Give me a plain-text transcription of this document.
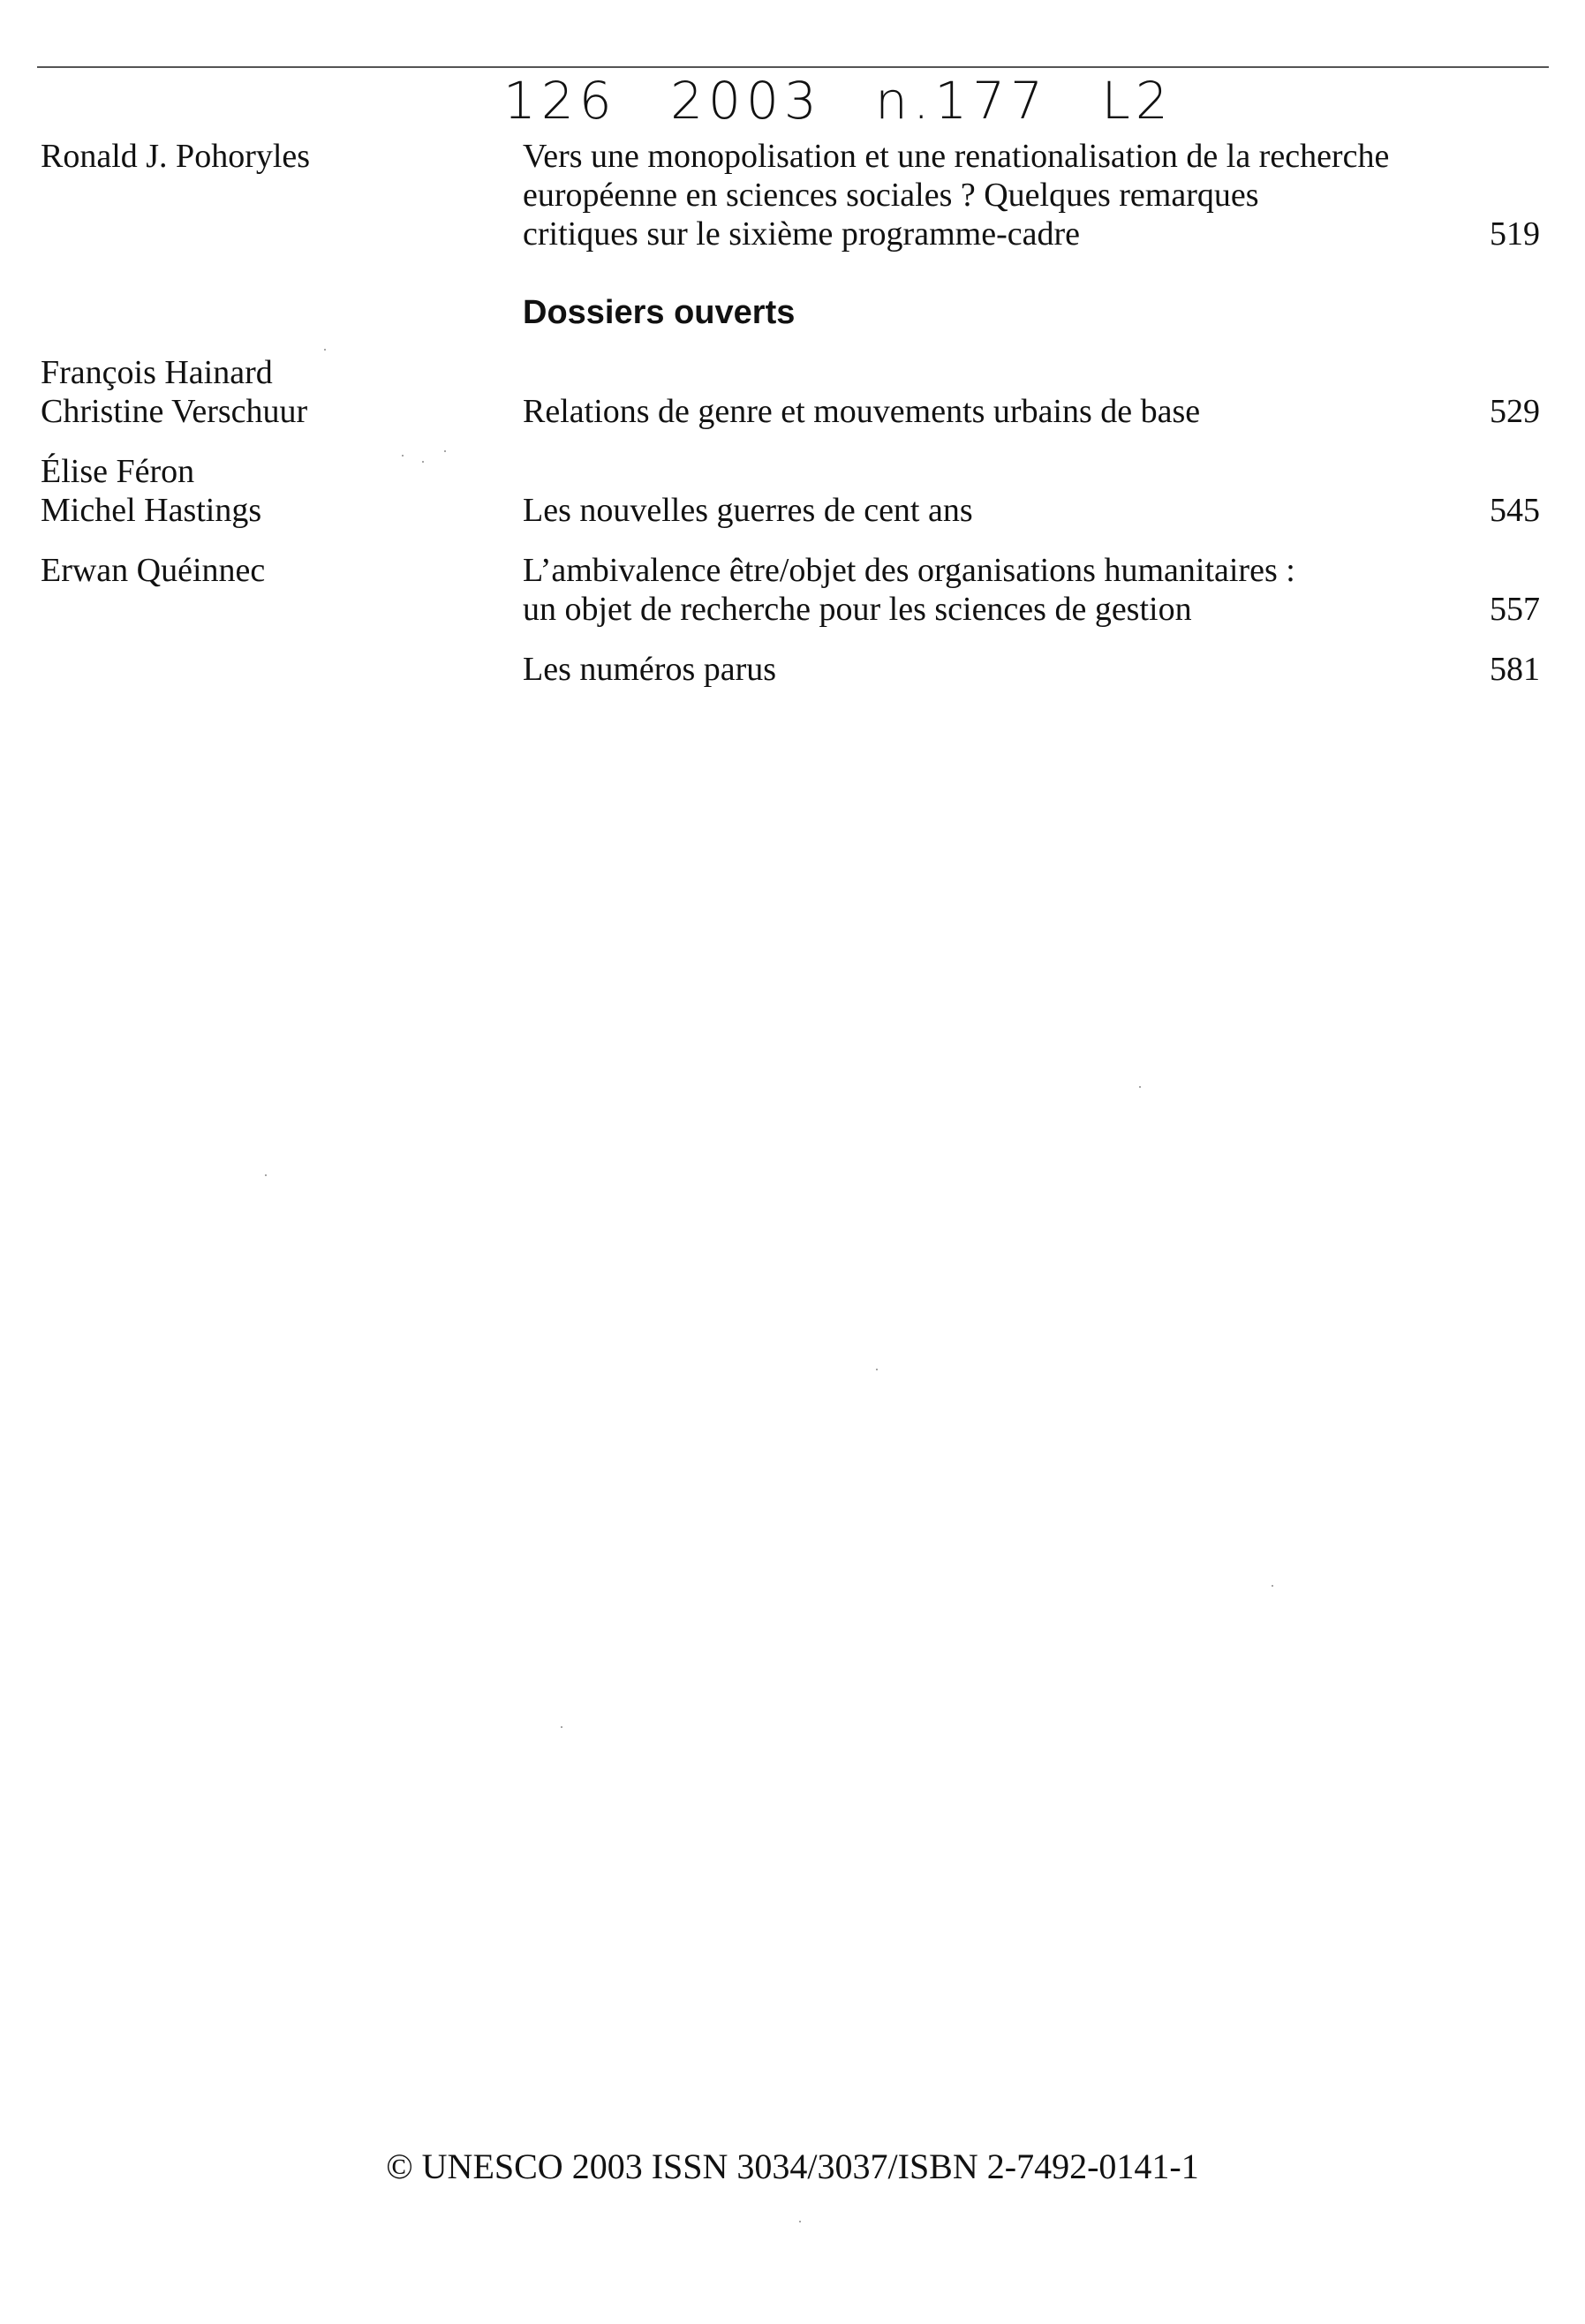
126 2003 n.177 L2
Ronald J. Pohoryles	Vers une monopolisation et une renationalisation de la recherche
européenne en sciences sociales ? Quelques remarques
critiques sur le sixième programme-cadre	519
Dossiers ouverts
François Hainard
Christine Verschuur	Relations de genre et mouvements urbains de base	529
Élise Féron
Michel Hastings	Les nouvelles guerres de cent ans	545
Erwan Quéinnec	L’ambivalence être/objet des organisations humanitaires :
un objet de recherche pour les sciences de gestion	557
Les numéros parus	581
© UNESCO 2003 ISSN 3034/3037/ISBN 2-7492-0141-1
